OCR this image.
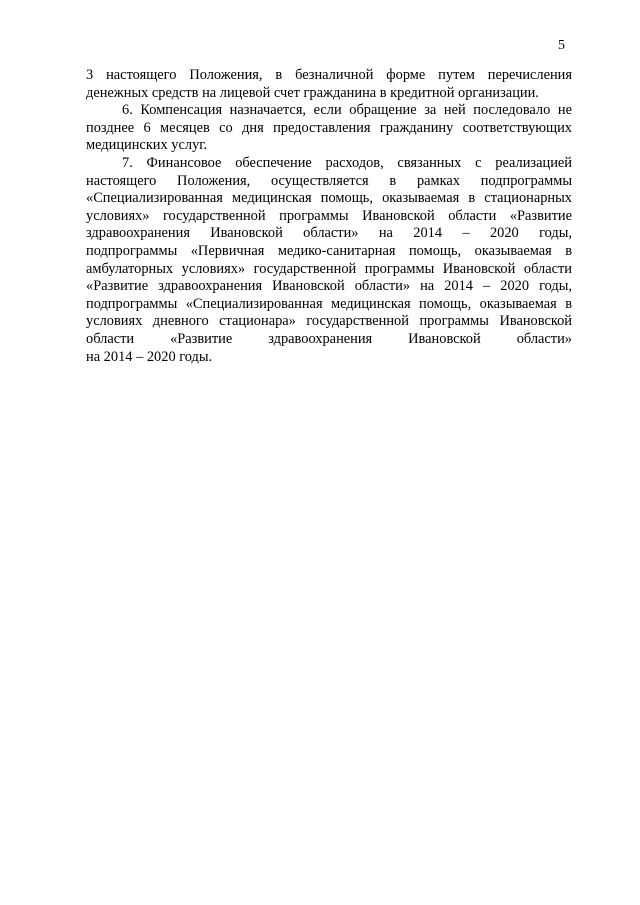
5

3 настоящего Положения, в безналичной форме путем перечисления
денежных средств на лицевой счет гражданина в кредитной организации.

6. Компенсация назначается, если обращение за ней последовало не
позднее 6 месяцев со дня предоставления гражданину соответствующих
медицинских услуг.

7. Финансовое обеспечение расходов, связанных с реализацией
настоящего Положения, осуществляется в рамках подпрограммы
«Специализированная медицинская помощь, оказываемая в стационарных
условиях» государственной программы Ивановской области «Развитие
здравоохранения Ивановской области» на 2014 – 2020 годы,
подпрограммы «Первичная медико-санитарная помощь, оказываемая в
амбулаторных условиях» государственной программы Ивановской области
«Развитие здравоохранения Ивановской области» на 2014 – 2020 годы,
подпрограммы «Специализированная медицинская помощь, оказываемая в
условиях дневного стационара» государственной программы Ивановской
области «Развитие здравоохранения Ивановской области»
на 2014 – 2020 годы.
